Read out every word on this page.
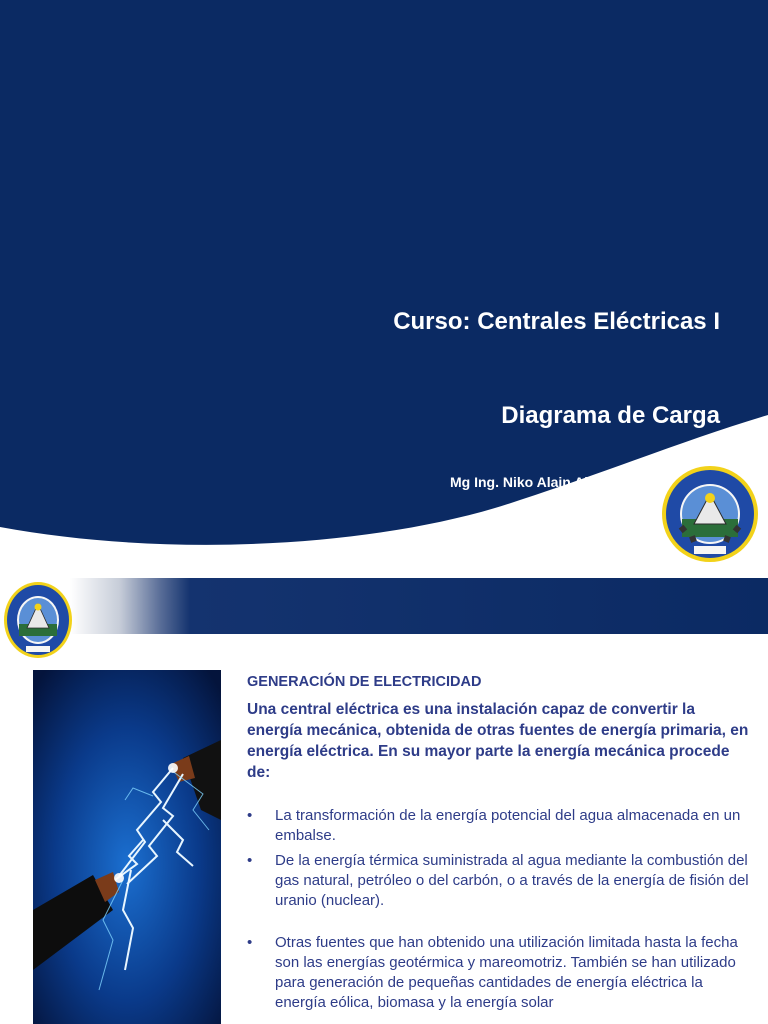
Curso: Centrales Eléctricas I
Diagrama de Carga
Mg Ing. Niko Alain Ala
GENERACIÓN DE ELECTRICIDAD
Una central eléctrica es una instalación capaz de convertir la energía mecánica, obtenida de otras fuentes de energía primaria, en energía eléctrica. En su mayor parte la energía mecánica procede de:
• La transformación de la energía potencial del agua almacenada en un embalse.
• De la energía térmica suministrada al agua mediante la combustión del gas natural, petróleo o del carbón, o a través de la energía de fisión del uranio (nuclear).
• Otras fuentes que han obtenido una utilización limitada hasta la fecha son las energías geotérmica y mareomotriz. También se han utilizado para generación de pequeñas cantidades de energía eléctrica la energía eólica, biomasa y la energía solar
